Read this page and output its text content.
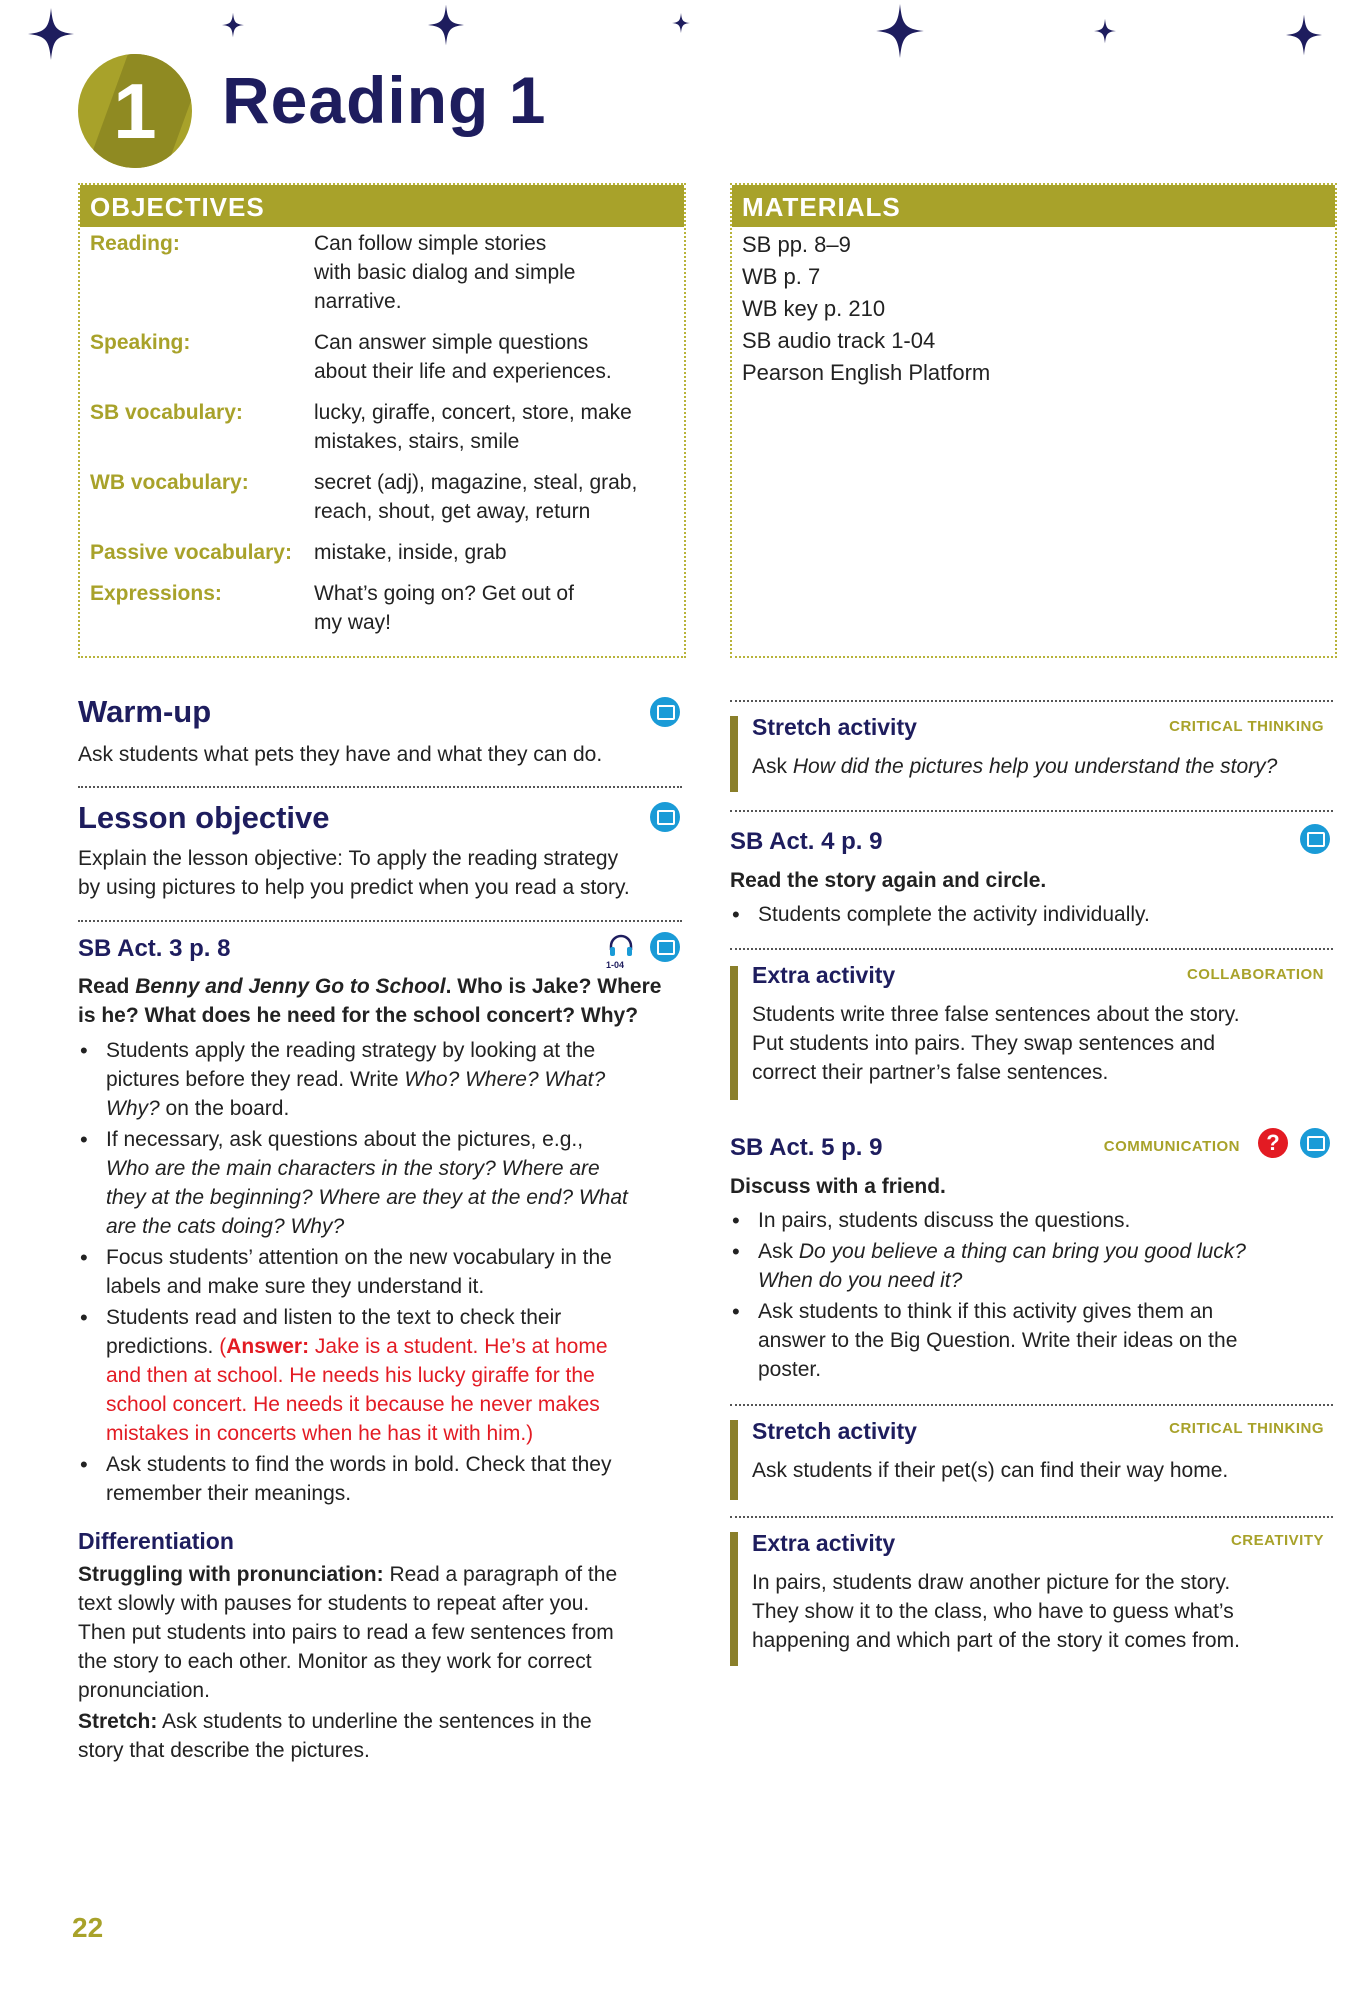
1 Reading 1
OBJECTIVES
Reading:	Can follow simple stories
with basic dialog and simple
narrative.
Speaking:	Can answer simple questions
about their life and experiences.
SB vocabulary:	lucky, giraffe, concert, store, make
mistakes, stairs, smile
WB vocabulary:	secret (adj), magazine, steal, grab,
reach, shout, get away, return
Passive vocabulary: mistake, inside, grab
Expressions:	What’s going on? Get out of
my way!
MATERIALS
SB pp. 8–9
WB p. 7
WB key p. 210
SB audio track 1-04
Pearson English Platform
Warm-up
Ask students what pets they have and what they can do.
Lesson objective
Explain the lesson objective: To apply the reading strategy
by using pictures to help you predict when you read a story.
SB Act. 3 p. 8
1-04
Read Benny and Jenny Go to School. Who is Jake? Where
is he? What does he need for the school concert? Why?
• Students apply the reading strategy by looking at the
pictures before they read. Write Who? Where? What?
Why? on the board.
• If necessary, ask questions about the pictures, e.g.,
Who are the main characters in the story? Where are
they at the beginning? Where are they at the end? What
are the cats doing? Why?
• Focus students’ attention on the new vocabulary in the
labels and make sure they understand it.
• Students read and listen to the text to check their
predictions. (Answer: Jake is a student. He’s at home
and then at school. He needs his lucky giraffe for the
school concert. He needs it because he never makes
mistakes in concerts when he has it with him.)
• Ask students to find the words in bold. Check that they
remember their meanings.
Differentiation
Struggling with pronunciation: Read a paragraph of the
text slowly with pauses for students to repeat after you.
Then put students into pairs to read a few sentences from
the story to each other. Monitor as they work for correct
pronunciation.
Stretch: Ask students to underline the sentences in the
story that describe the pictures.
Stretch activity	CRITICAL THINKING
Ask How did the pictures help you understand the story?
SB Act. 4 p. 9
Read the story again and circle.
• Students complete the activity individually.
Extra activity	COLLABORATION
Students write three false sentences about the story.
Put students into pairs. They swap sentences and
correct their partner’s false sentences.
SB Act. 5 p. 9	COMMUNICATION	?
Discuss with a friend.
• In pairs, students discuss the questions.
• Ask Do you believe a thing can bring you good luck?
When do you need it?
• Ask students to think if this activity gives them an
answer to the Big Question. Write their ideas on the
poster.
Stretch activity	CRITICAL THINKING
Ask students if their pet(s) can find their way home.
Extra activity	CREATIVITY
In pairs, students draw another picture for the story.
They show it to the class, who have to guess what’s
happening and which part of the story it comes from.
22
